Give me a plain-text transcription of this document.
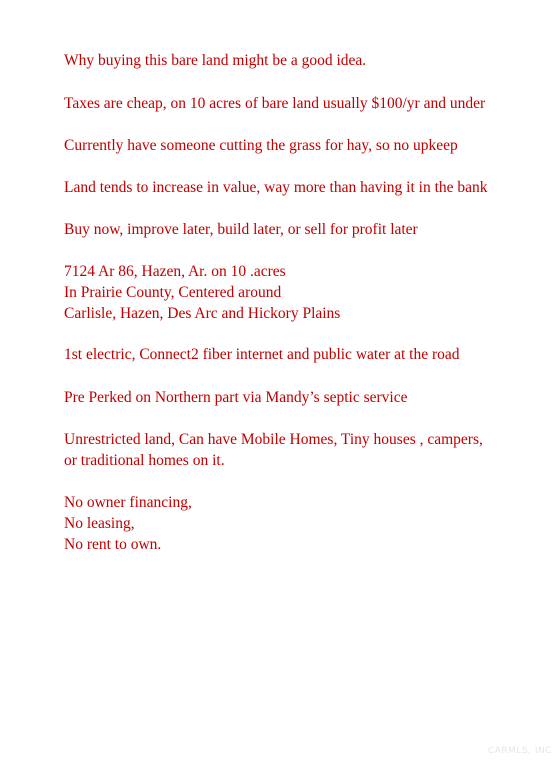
Why buying this bare land might be a good idea.
Taxes are cheap, on 10 acres of bare land usually $100/yr and under
Currently have someone cutting the grass for hay, so no upkeep
Land tends to increase in value, way more than having it in the bank
Buy now, improve later, build later, or sell for profit later
7124 Ar 86, Hazen, Ar. on 10 .acres
In Prairie County, Centered around
Carlisle, Hazen, Des Arc and Hickory Plains
1st electric, Connect2 fiber internet and public water at the road
Pre Perked on Northern part via Mandy’s septic service
Unrestricted land, Can have Mobile Homes, Tiny houses , campers,
or traditional homes on it.
No owner financing,
No leasing,
No rent to own.
CARMLS, INC
